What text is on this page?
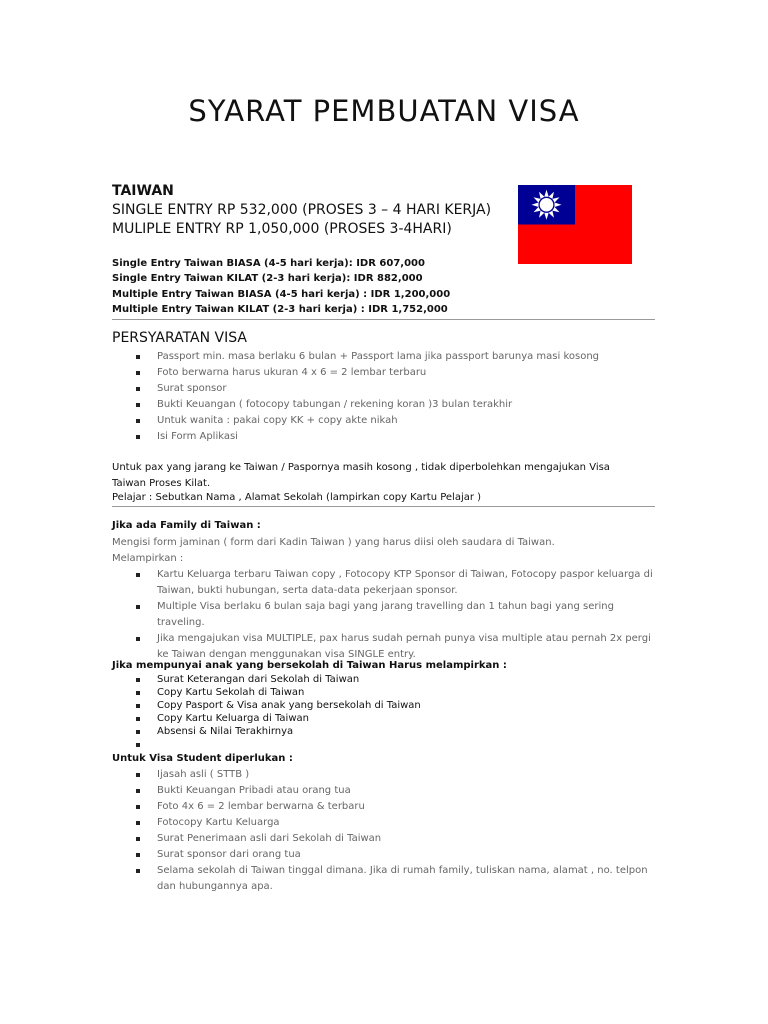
SYARAT PEMBUATAN VISA
TAIWAN
SINGLE ENTRY RP 532,000 (PROSES 3 – 4 HARI KERJA)
MULIPLE ENTRY RP 1,050,000 (PROSES 3-4HARI)
Single Entry Taiwan BIASA (4-5 hari kerja): IDR 607,000
Single Entry Taiwan KILAT (2-3 hari kerja): IDR 882,000
Multiple Entry Taiwan BIASA (4-5 hari kerja) : IDR 1,200,000
Multiple Entry Taiwan KILAT (2-3 hari kerja) : IDR 1,752,000
PERSYARATAN VISA
Passport min. masa berlaku 6 bulan + Passport lama jika passport barunya masi kosong
Foto berwarna harus ukuran 4 x 6 = 2 lembar terbaru
Surat sponsor
Bukti Keuangan ( fotocopy tabungan / rekening koran )3 bulan terakhir
Untuk wanita : pakai copy KK + copy akte nikah
Isi Form Aplikasi
Untuk pax yang jarang ke Taiwan / Paspornya masih kosong , tidak diperbolehkan mengajukan Visa Taiwan Proses Kilat.
Pelajar : Sebutkan Nama , Alamat Sekolah (lampirkan copy Kartu Pelajar )
Jika ada Family di Taiwan :
Mengisi form jaminan ( form dari Kadin Taiwan ) yang harus diisi oleh saudara di Taiwan.
Melampirkan :
Kartu Keluarga terbaru Taiwan copy , Fotocopy KTP Sponsor di Taiwan, Fotocopy paspor keluarga di Taiwan, bukti hubungan, serta data-data pekerjaan sponsor.
Multiple Visa berlaku 6 bulan saja bagi yang jarang travelling dan 1 tahun bagi yang sering traveling.
Jika mengajukan visa MULTIPLE, pax harus sudah pernah punya visa multiple atau pernah 2x pergi ke Taiwan dengan menggunakan visa SINGLE entry.
Jika mempunyai anak yang bersekolah di Taiwan Harus melampirkan :
Surat Keterangan dari Sekolah di Taiwan
Copy Kartu Sekolah di Taiwan
Copy Pasport & Visa anak yang bersekolah di Taiwan
Copy Kartu Keluarga di Taiwan
Absensi & Nilai Terakhirnya
Untuk Visa Student diperlukan :
Ijasah asli ( STTB )
Bukti Keuangan Pribadi atau orang tua
Foto 4x 6 = 2 lembar berwarna & terbaru
Fotocopy Kartu Keluarga
Surat Penerimaan asli dari Sekolah di Taiwan
Surat sponsor dari orang tua
Selama sekolah di Taiwan tinggal dimana. Jika di rumah family, tuliskan nama, alamat , no. telpon dan hubungannya apa.
